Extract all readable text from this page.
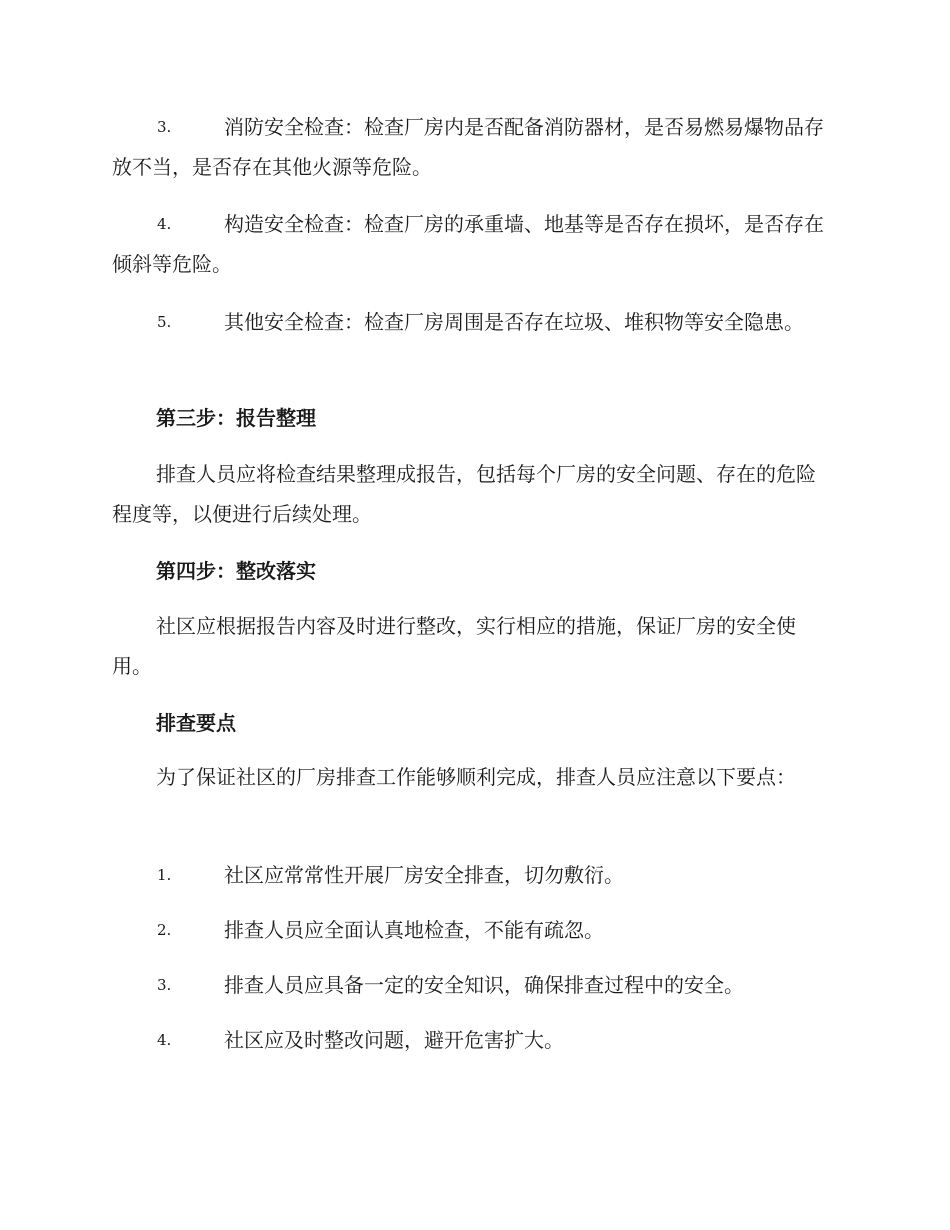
3.	消防安全检查：检查厂房内是否配备消防器材，是否易燃易爆物品存放不当，是否存在其他火源等危险。
4.	构造安全检查：检查厂房的承重墙、地基等是否存在损坏，是否存在倾斜等危险。
5.	其他安全检查：检查厂房周围是否存在垃圾、堆积物等安全隐患。
第三步：报告整理
排查人员应将检查结果整理成报告，包括每个厂房的安全问题、存在的危险程度等，以便进行后续处理。
第四步：整改落实
社区应根据报告内容及时进行整改，实行相应的措施，保证厂房的安全使用。
排查要点
为了保证社区的厂房排查工作能够顺利完成，排查人员应注意以下要点：
1.	社区应常常性开展厂房安全排查，切勿敷衍。
2.	排查人员应全面认真地检查，不能有疏忽。
3.	排查人员应具备一定的安全知识，确保排查过程中的安全。
4.	社区应及时整改问题，避开危害扩大。
